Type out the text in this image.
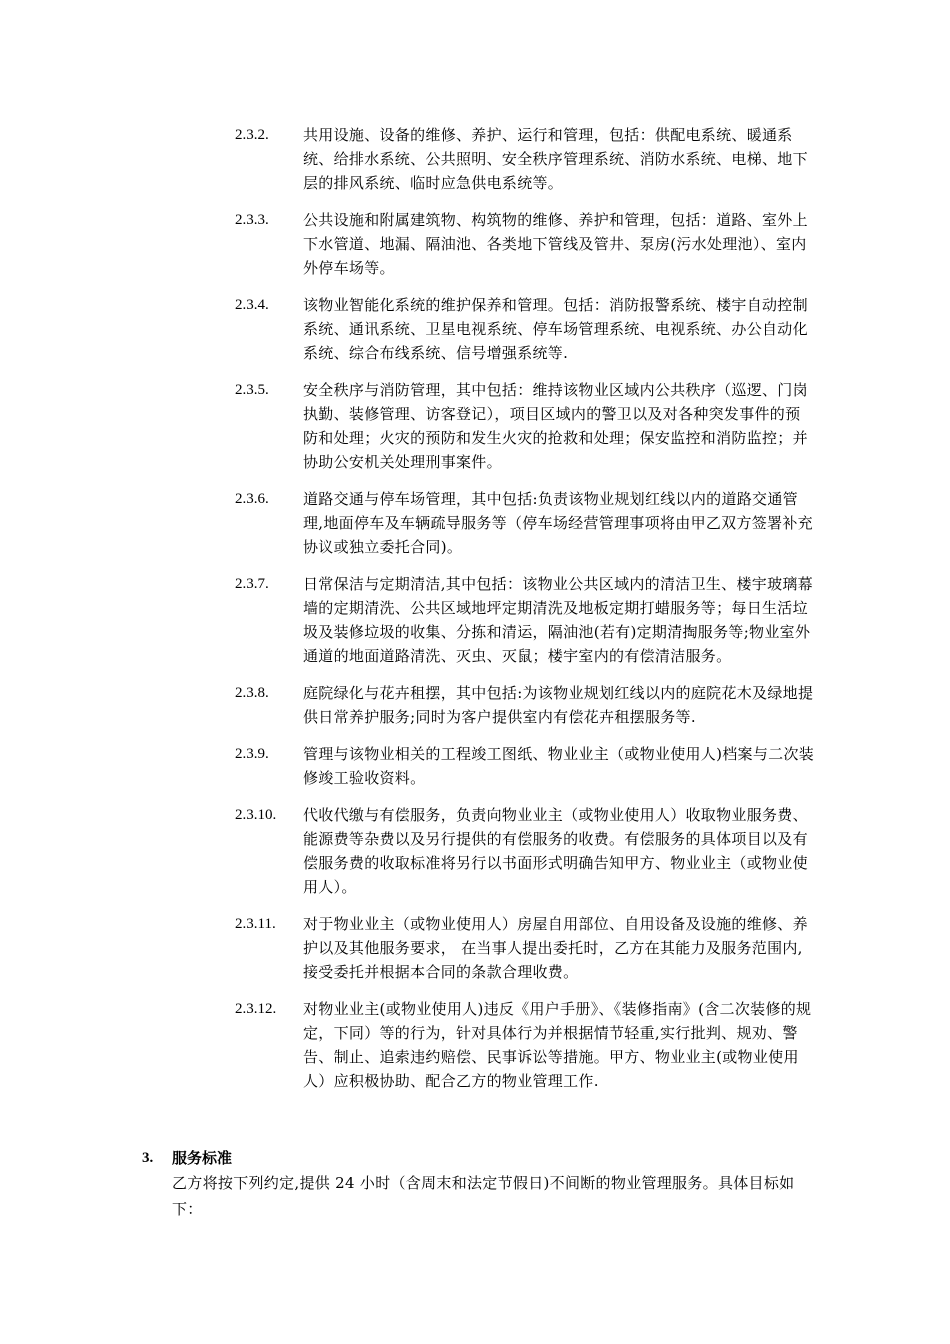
2.3.2.	共用设施、设备的维修、养护、运行和管理，包括：供配电系统、暖通系统、给排水系统、公共照明、安全秩序管理系统、消防水系统、电梯、地下层的排风系统、临时应急供电系统等。
2.3.3.	公共设施和附属建筑物、构筑物的维修、养护和管理，包括：道路、室外上下水管道、地漏、隔油池、各类地下管线及管井、泵房(污水处理池）、室内外停车场等。
2.3.4.	该物业智能化系统的维护保养和管理。包括：消防报警系统、楼宇自动控制系统、通讯系统、卫星电视系统、停车场管理系统、电视系统、办公自动化系统、综合布线系统、信号增强系统等.
2.3.5.	安全秩序与消防管理，其中包括：维持该物业区域内公共秩序（巡逻、门岗执勤、装修管理、访客登记），项目区域内的警卫以及对各种突发事件的预防和处理；火灾的预防和发生火灾的抢救和处理；保安监控和消防监控；并协助公安机关处理刑事案件。
2.3.6.	道路交通与停车场管理，其中包括:负责该物业规划红线以内的道路交通管理,地面停车及车辆疏导服务等（停车场经营管理事项将由甲乙双方签署补充协议或独立委托合同)。
2.3.7.	日常保洁与定期清洁,其中包括：该物业公共区域内的清洁卫生、楼宇玻璃幕墙的定期清洗、公共区域地坪定期清洗及地板定期打蜡服务等；每日生活垃圾及装修垃圾的收集、分拣和清运，隔油池(若有)定期清掏服务等;物业室外通道的地面道路清洗、灭虫、灭鼠；楼宇室内的有偿清洁服务。
2.3.8.	庭院绿化与花卉租摆，其中包括:为该物业规划红线以内的庭院花木及绿地提供日常养护服务;同时为客户提供室内有偿花卉租摆服务等.
2.3.9.	管理与该物业相关的工程竣工图纸、物业业主（或物业使用人)档案与二次装修竣工验收资料。
2.3.10.	代收代缴与有偿服务，负责向物业业主（或物业使用人）收取物业服务费、能源费等杂费以及另行提供的有偿服务的收费。有偿服务的具体项目以及有偿服务费的收取标准将另行以书面形式明确告知甲方、物业业主（或物业使用人）。
2.3.11.	对于物业业主（或物业使用人）房屋自用部位、自用设备及设施的维修、养护以及其他服务要求， 在当事人提出委托时，乙方在其能力及服务范围内,接受委托并根据本合同的条款合理收费。
2.3.12.	对物业业主(或物业使用人)违反《用户手册》、《装修指南》(含二次装修的规定，下同）等的行为，针对具体行为并根据情节轻重,实行批判、规劝、警告、制止、追索违约赔偿、民事诉讼等措施。甲方、物业业主(或物业使用人）应积极协助、配合乙方的物业管理工作.
3.	服务标准
乙方将按下列约定,提供 24 小时（含周末和法定节假日)不间断的物业管理服务。具体目标如下：
